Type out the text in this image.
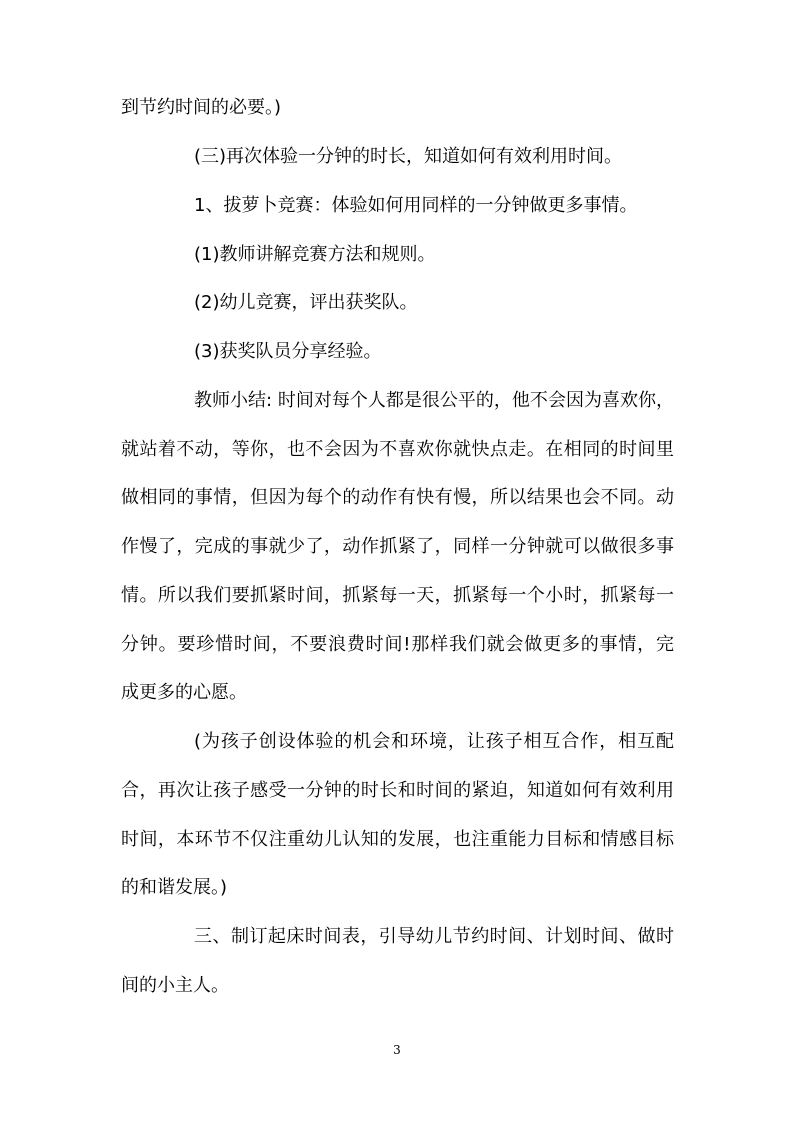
到节约时间的必要。)
(三)再次体验一分钟的时长，知道如何有效利用时间。
1、拔萝卜竞赛：体验如何用同样的一分钟做更多事情。
(1)教师讲解竞赛方法和规则。
(2)幼儿竞赛，评出获奖队。
(3)获奖队员分享经验。
教师小结: 时间对每个人都是很公平的，他不会因为喜欢你，
就站着不动，等你，也不会因为不喜欢你就快点走。在相同的时间里
做相同的事情，但因为每个的动作有快有慢，所以结果也会不同。动
作慢了，完成的事就少了，动作抓紧了，同样一分钟就可以做很多事
情。所以我们要抓紧时间，抓紧每一天，抓紧每一个小时，抓紧每一
分钟。要珍惜时间，不要浪费时间!那样我们就会做更多的事情，完
成更多的心愿。
(为孩子创设体验的机会和环境，让孩子相互合作，相互配
合，再次让孩子感受一分钟的时长和时间的紧迫，知道如何有效利用
时间，本环节不仅注重幼儿认知的发展，也注重能力目标和情感目标
的和谐发展。)
三、制订起床时间表，引导幼儿节约时间、计划时间、做时
间的小主人。
3
